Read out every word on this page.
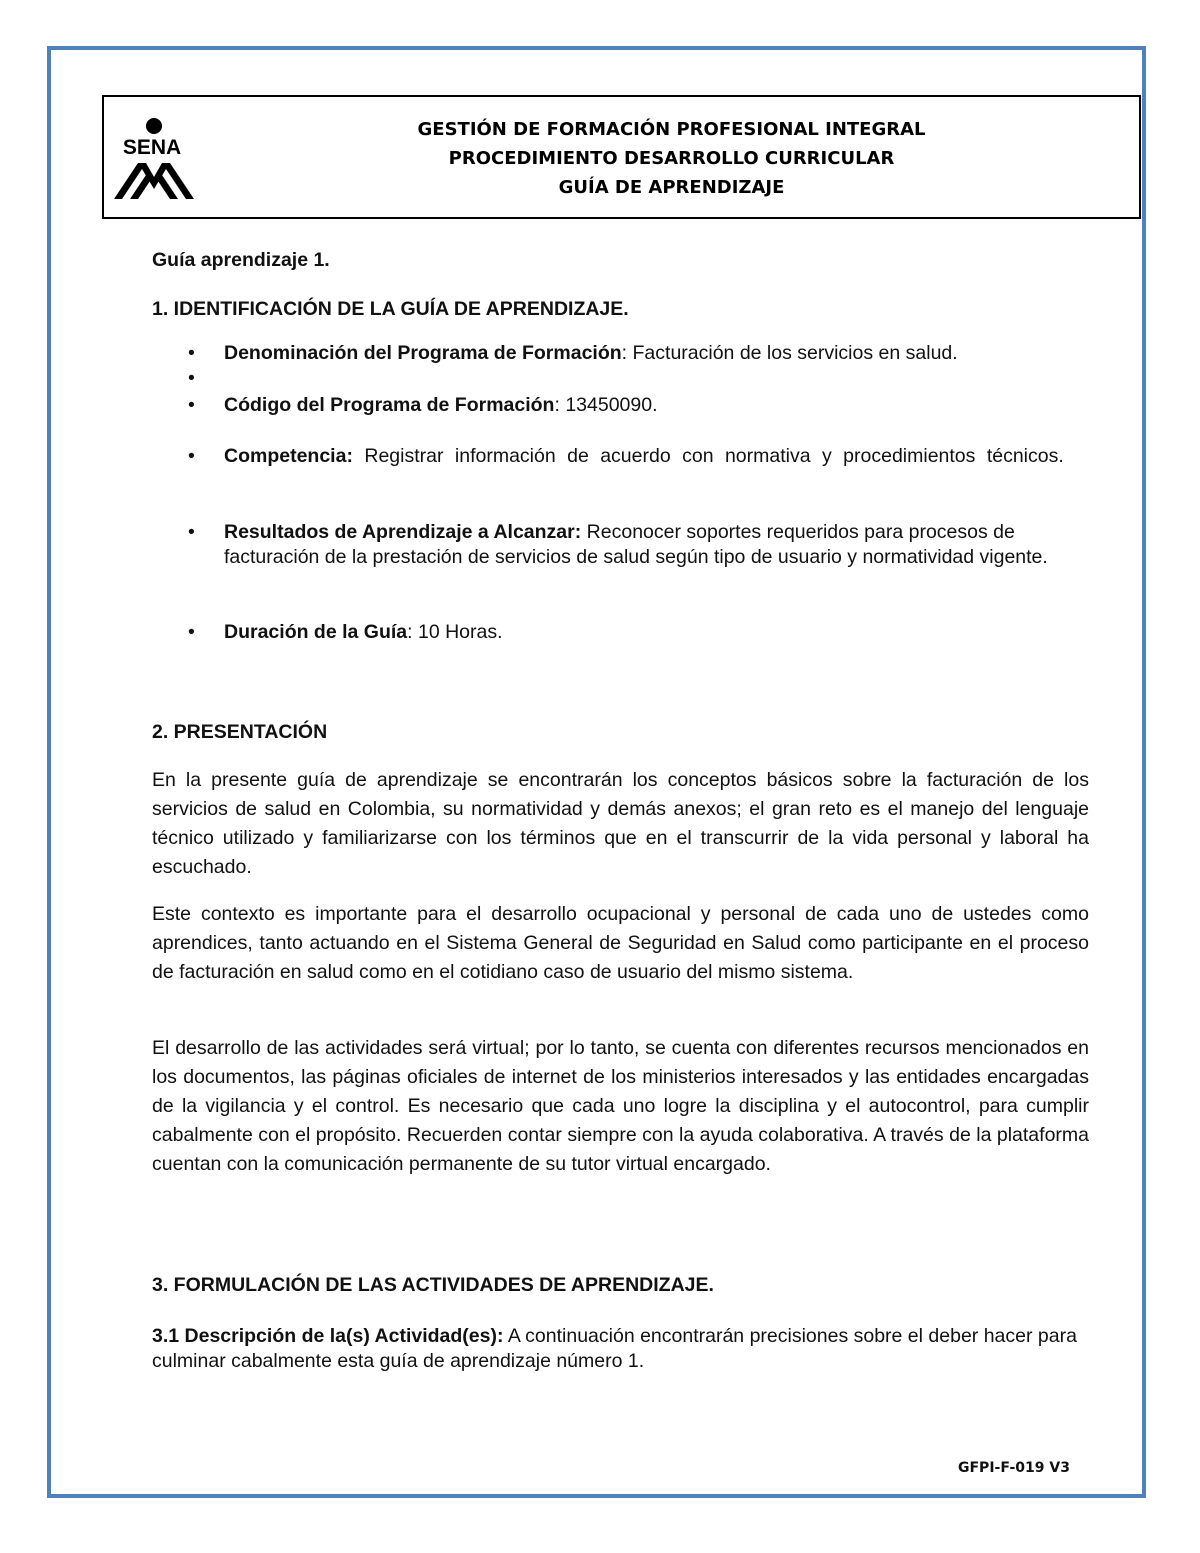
SENA
GESTIÓN DE FORMACIÓN PROFESIONAL INTEGRAL
PROCEDIMIENTO DESARROLLO CURRICULAR
GUÍA DE APRENDIZAJE
Guía aprendizaje 1.
1. IDENTIFICACIÓN DE LA GUÍA DE APRENDIZAJE.
• Denominación del Programa de Formación: Facturación de los servicios en salud.
•
• Código del Programa de Formación: 13450090.
• Competencia: Registrar información de acuerdo con normativa y procedimientos técnicos.
• Resultados de Aprendizaje a Alcanzar: Reconocer soportes requeridos para procesos de facturación de la prestación de servicios de salud según tipo de usuario y normatividad vigente.
• Duración de la Guía: 10 Horas.
2. PRESENTACIÓN
En la presente guía de aprendizaje se encontrarán los conceptos básicos sobre la facturación de los servicios de salud en Colombia, su normatividad y demás anexos; el gran reto es el manejo del lenguaje técnico utilizado y familiarizarse con los términos que en el transcurrir de la vida personal y laboral ha escuchado.
Este contexto es importante para el desarrollo ocupacional y personal de cada uno de ustedes como aprendices, tanto actuando en el Sistema General de Seguridad en Salud como participante en el proceso de facturación en salud como en el cotidiano caso de usuario del mismo sistema.
El desarrollo de las actividades será virtual; por lo tanto, se cuenta con diferentes recursos mencionados en los documentos, las páginas oficiales de internet de los ministerios interesados y las entidades encargadas de la vigilancia y el control. Es necesario que cada uno logre la disciplina y el autocontrol, para cumplir cabalmente con el propósito. Recuerden contar siempre con la ayuda colaborativa. A través de la plataforma cuentan con la comunicación permanente de su tutor virtual encargado.
3. FORMULACIÓN DE LAS ACTIVIDADES DE APRENDIZAJE.
3.1 Descripción de la(s) Actividad(es): A continuación encontrarán precisiones sobre el deber hacer para culminar cabalmente esta guía de aprendizaje número 1.
GFPI-F-019 V3
